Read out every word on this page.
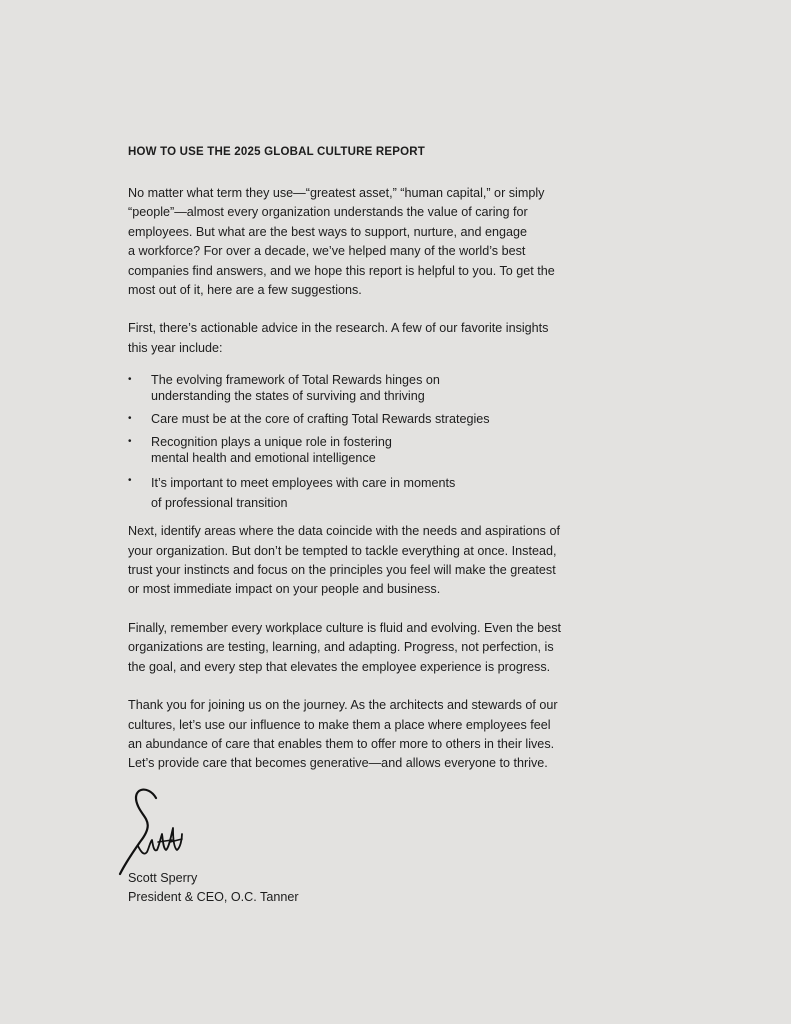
HOW TO USE THE 2025 GLOBAL CULTURE REPORT
No matter what term they use—“greatest asset,” “human capital,” or simply
“people”—almost every organization understands the value of caring for
employees. But what are the best ways to support, nurture, and engage
a workforce? For over a decade, we’ve helped many of the world’s best
companies find answers, and we hope this report is helpful to you. To get the
most out of it, here are a few suggestions.
First, there’s actionable advice in the research. A few of our favorite insights
this year include:
• The evolving framework of Total Rewards hinges on
understanding the states of surviving and thriving
• Care must be at the core of crafting Total Rewards strategies
• Recognition plays a unique role in fostering
mental health and emotional intelligence
• It’s important to meet employees with care in moments
of professional transition
Next, identify areas where the data coincide with the needs and aspirations of
your organization. But don’t be tempted to tackle everything at once. Instead,
trust your instincts and focus on the principles you feel will make the greatest
or most immediate impact on your people and business.
Finally, remember every workplace culture is fluid and evolving. Even the best
organizations are testing, learning, and adapting. Progress, not perfection, is
the goal, and every step that elevates the employee experience is progress.
Thank you for joining us on the journey. As the architects and stewards of our
cultures, let’s use our influence to make them a place where employees feel
an abundance of care that enables them to offer more to others in their lives.
Let’s provide care that becomes generative—and allows everyone to thrive.
Scott Sperry
President & CEO, O.C. Tanner
